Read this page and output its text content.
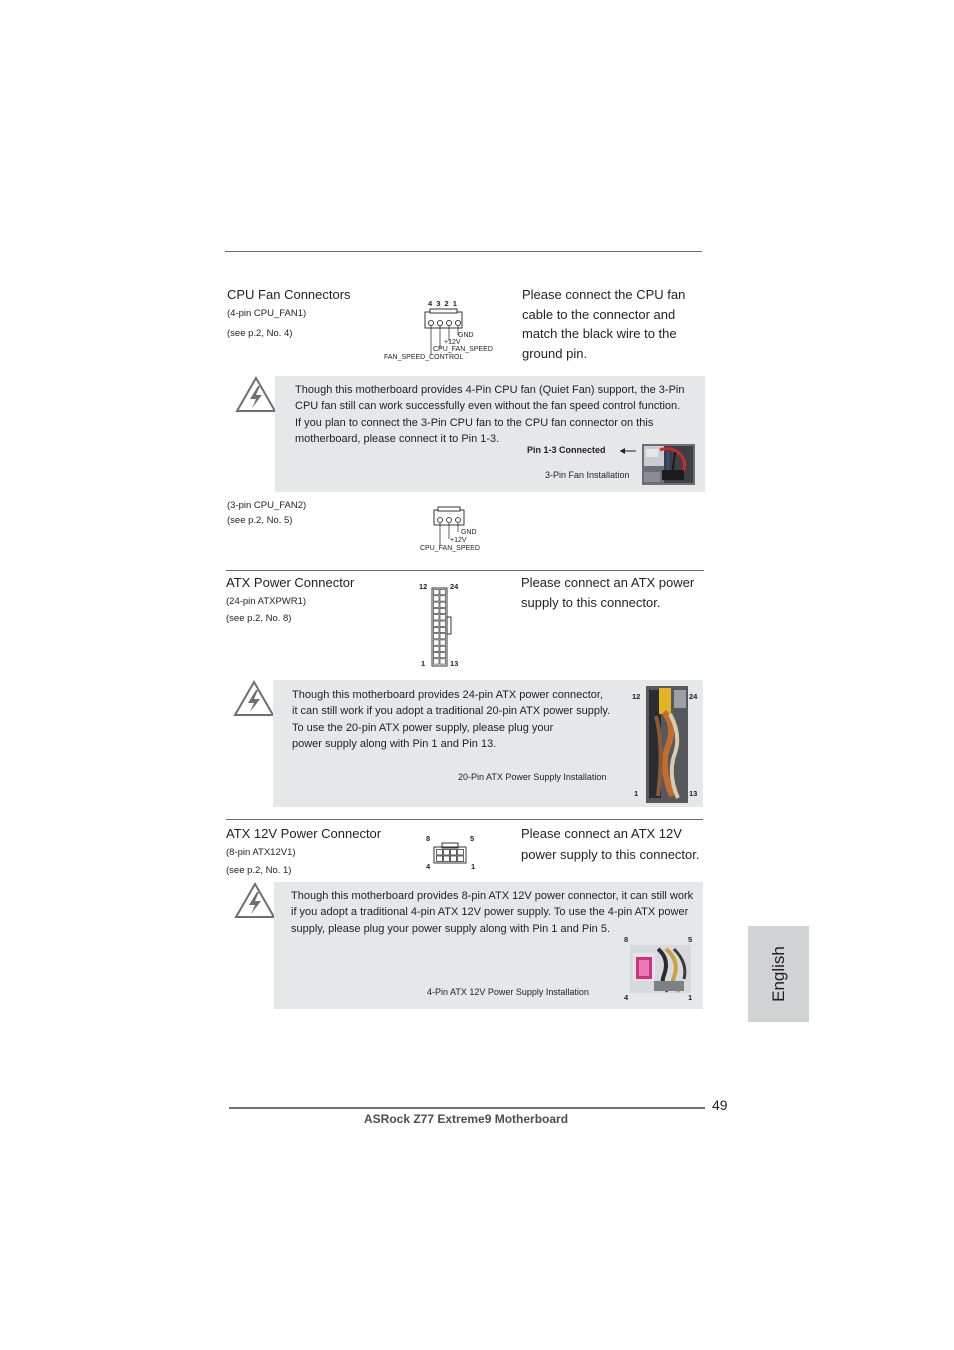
CPU Fan Connectors
(4-pin CPU_FAN1)
(see p.2, No. 4)
4 3 2 1
GND
+12V
CPU_FAN_SPEED
FAN_SPEED_CONTROL
Please connect the CPU fan
cable to the connector and
match the black wire to the
ground pin.
Though this motherboard provides 4-Pin CPU fan (Quiet Fan) support, the 3-Pin
CPU fan still can work successfully even without the fan speed control function.
If you plan to connect the 3-Pin CPU fan to the CPU fan connector on this
motherboard, please connect it to Pin 1-3.
Pin 1-3 Connected
3-Pin Fan Installation
(3-pin CPU_FAN2)
(see p.2, No. 5)
GND
+12V
CPU_FAN_SPEED
ATX Power Connector
(24-pin ATXPWR1)
(see p.2, No. 8)
12	24
1	13
Please connect an ATX power
supply to this connector.
Though this motherboard provides 24-pin ATX power connector,
it can still work if you adopt a traditional 20-pin ATX power supply.
To use the 20-pin ATX power supply, please plug your
power supply along with Pin 1 and Pin 13.
20-Pin ATX Power Supply Installation
12	24
1	13
ATX 12V Power Connector
(8-pin ATX12V1)
(see p.2, No. 1)
8	5
4	1
Please connect an ATX 12V
power supply to this connector.
Though this motherboard provides 8-pin ATX 12V power connector, it can still work
if you adopt a traditional 4-pin ATX 12V power supply. To use the 4-pin ATX power
supply, please plug your power supply along with Pin 1 and Pin 5.
4-Pin ATX 12V Power Supply Installation
8	5
4	1	English
49
ASRock Z77 Extreme9 Motherboard
